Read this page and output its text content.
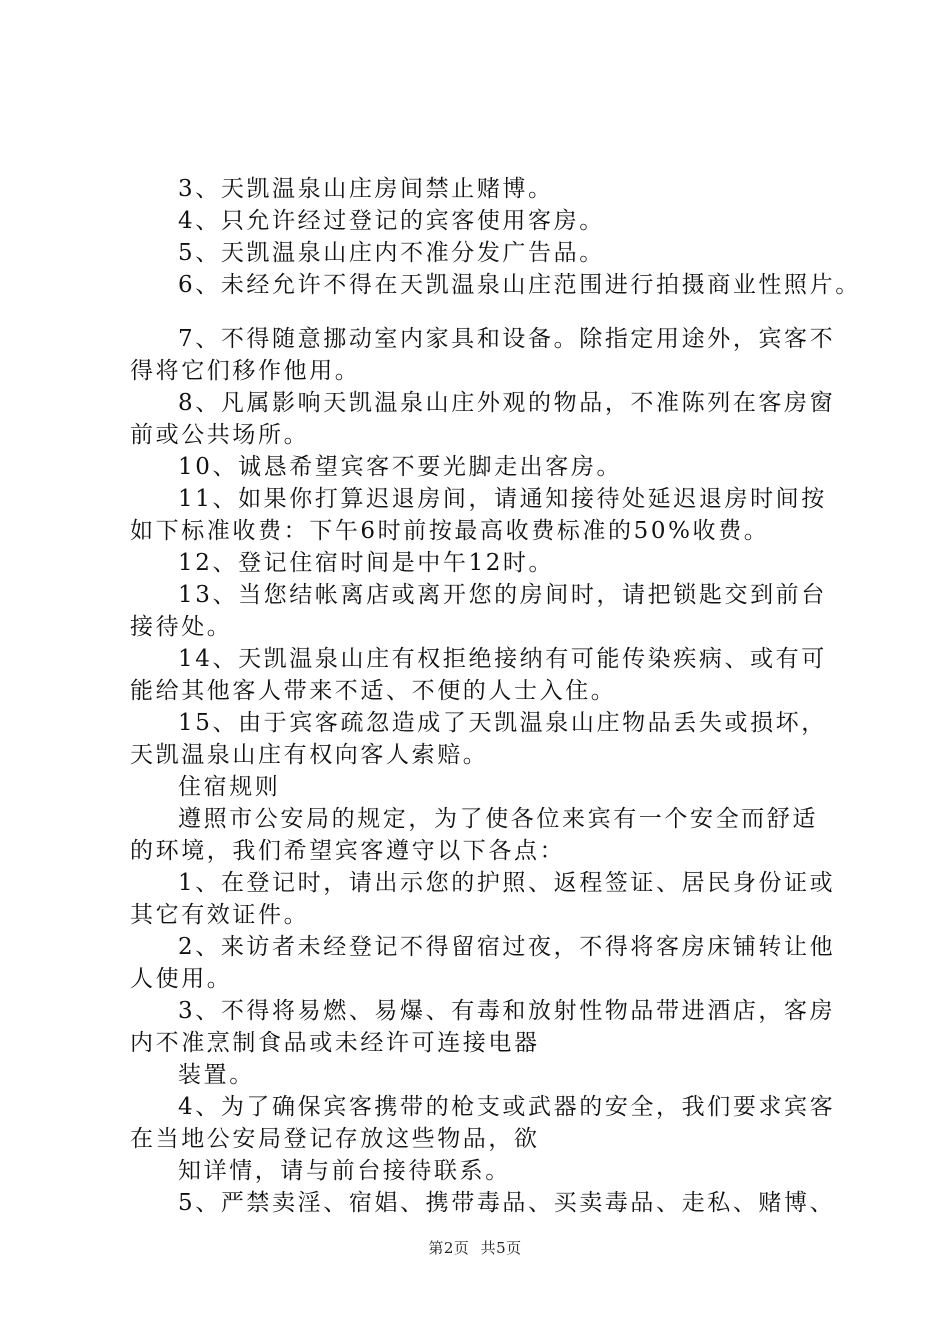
3、天凯温泉山庄房间禁止赌博。
4、只允许经过登记的宾客使用客房。
5、天凯温泉山庄内不准分发广告品。
6、未经允许不得在天凯温泉山庄范围进行拍摄商业性照片。
7、不得随意挪动室内家具和设备。除指定用途外，宾客不
得将它们移作他用。
8、凡属影响天凯温泉山庄外观的物品，不准陈列在客房窗
前或公共场所。
10、诚恳希望宾客不要光脚走出客房。
11、如果你打算迟退房间，请通知接待处延迟退房时间按
如下标准收费：下午6时前按最高收费标准的50%收费。
12、登记住宿时间是中午12时。
13、当您结帐离店或离开您的房间时，请把锁匙交到前台
接待处。
14、天凯温泉山庄有权拒绝接纳有可能传染疾病、或有可
能给其他客人带来不适、不便的人士入住。
15、由于宾客疏忽造成了天凯温泉山庄物品丢失或损坏，
天凯温泉山庄有权向客人索赔。
住宿规则
遵照市公安局的规定，为了使各位来宾有一个安全而舒适
的环境，我们希望宾客遵守以下各点：
1、在登记时，请出示您的护照、返程签证、居民身份证或
其它有效证件。
2、来访者未经登记不得留宿过夜，不得将客房床铺转让他
人使用。
3、不得将易燃、易爆、有毒和放射性物品带进酒店，客房
内不准烹制食品或未经许可连接电器
装置。
4、为了确保宾客携带的枪支或武器的安全，我们要求宾客
在当地公安局登记存放这些物品，欲
知详情，请与前台接待联系。
5、严禁卖淫、宿娼、携带毒品、买卖毒品、走私、赌博、
第2页 共5页
